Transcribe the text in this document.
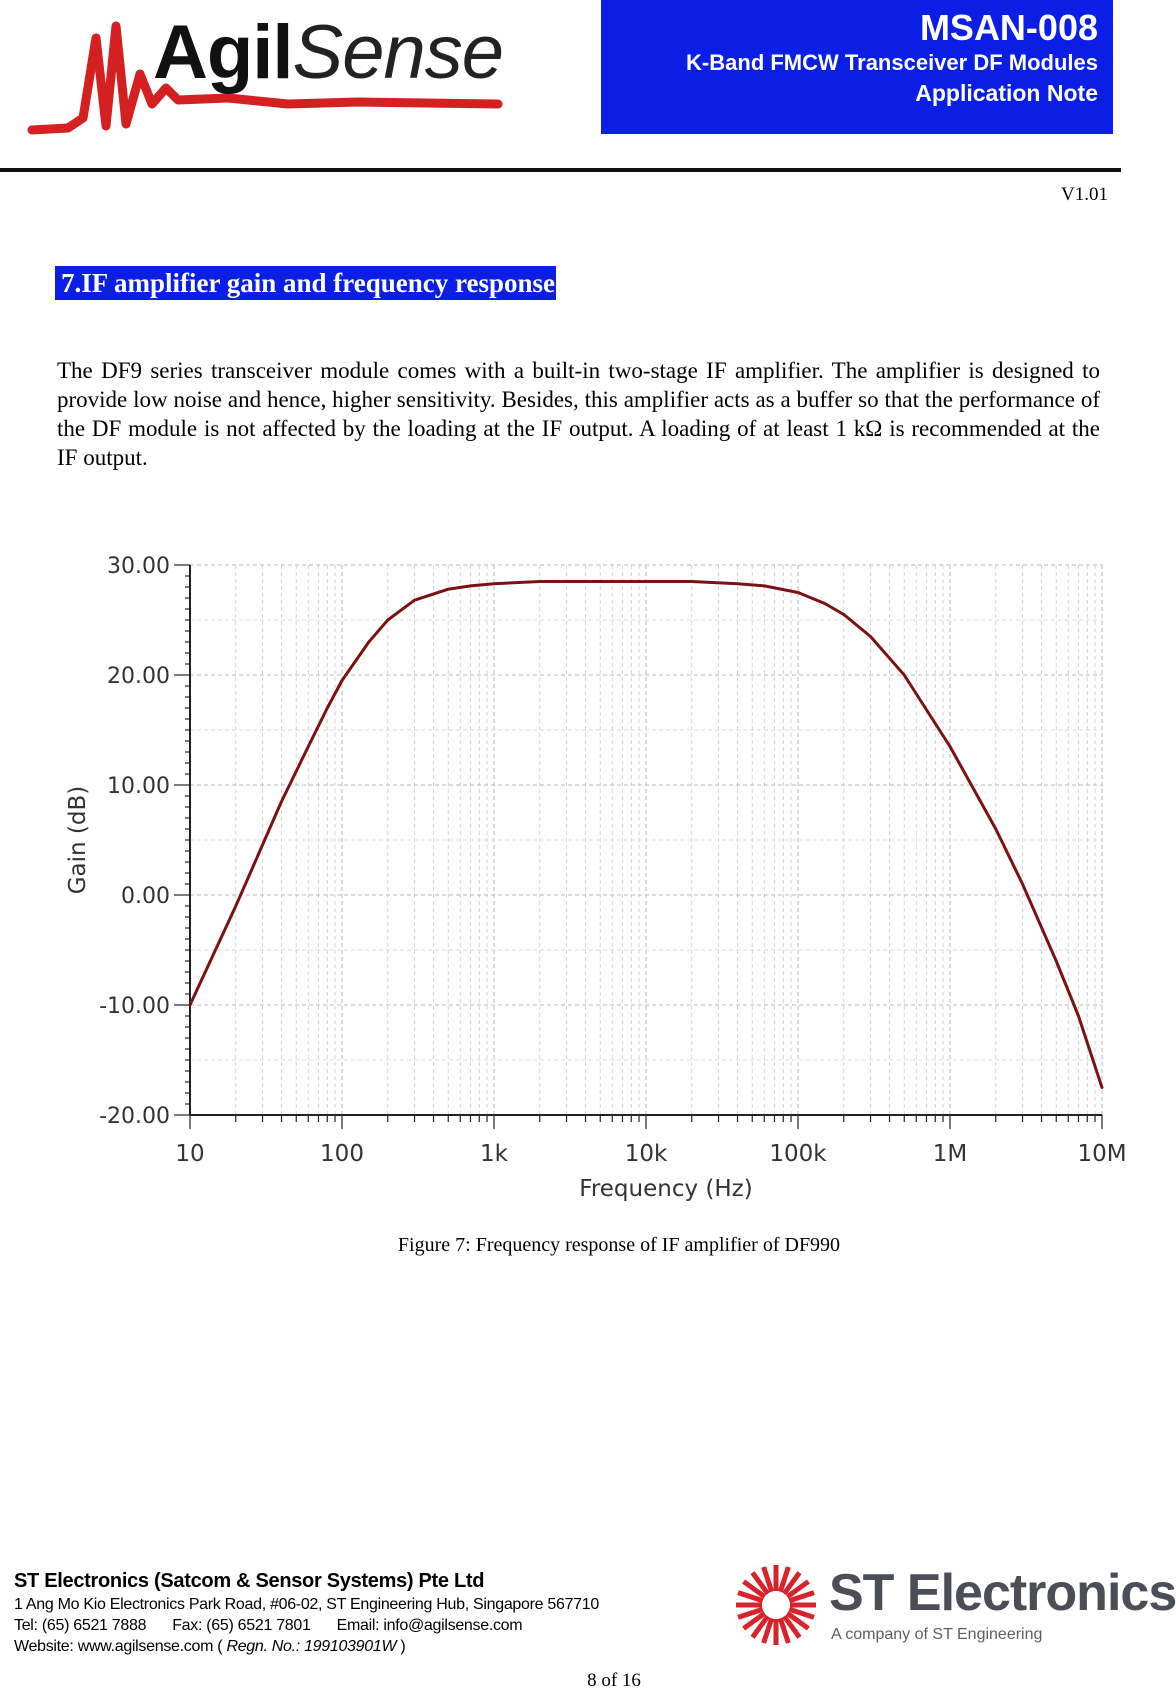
AgilSense	MSAN-008
K-Band FMCW Transceiver DF Modules
Application Note
V1.01
7.IF amplifier gain and frequency response
The DF9 series transceiver module comes with a built-in two-stage IF amplifier. The amplifier is designed to provide low noise and hence, higher sensitivity. Besides, this amplifier acts as a buffer so that the performance of the DF module is not affected by the loading at the IF output. A loading of at least 1 kΩ is recommended at the IF output.
30.00
20.00
10.00
0.00
-10.00
-20.00
10	100	1k	10k	100k	1M	10M
Frequency (Hz)
Gain (dB)
Figure 7: Frequency response of IF amplifier of DF990
ST Electronics (Satcom & Sensor Systems) Pte Ltd
1 Ang Mo Kio Electronics Park Road, #06-02, ST Engineering Hub, Singapore 567710
Tel: (65) 6521 7888 Fax: (65) 6521 7801 Email: info@agilsense.com
Website: www.agilsense.com ( Regn. No.: 199103901W )
ST Electronics
A company of ST Engineering
8 of 16
